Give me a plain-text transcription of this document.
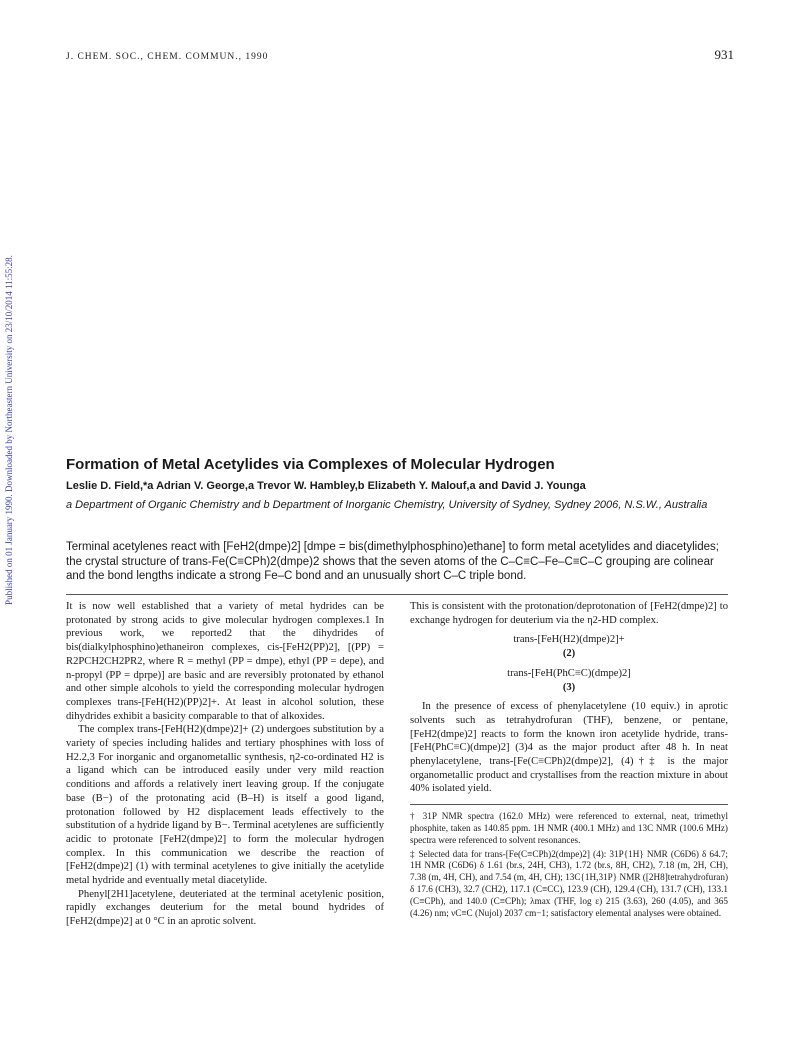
J. CHEM. SOC., CHEM. COMMUN., 1990	931
Published on 01 January 1990. Downloaded by Northeastern University on 23/10/2014 11:55:28.	Formation of Metal Acetylides via Complexes of Molecular Hydrogen
Leslie D. Field,*a Adrian V. George,a Trevor W. Hambley,b Elizabeth Y. Malouf,a and David J. Younga
a Department of Organic Chemistry and b Department of Inorganic Chemistry, University of Sydney, Sydney 2006, N.S.W., Australia
Terminal acetylenes react with [FeH2(dmpe)2] [dmpe = bis(dimethylphosphino)ethane] to form metal acetylides and diacetylides; the crystal structure of trans-Fe(C≡CPh)2(dmpe)2 shows that the seven atoms of the C–C≡C–Fe–C≡C–C grouping are colinear and the bond lengths indicate a strong Fe–C bond and an unusually short C–C triple bond.

It is now well established that a variety of metal hydrides can be protonated by strong acids to give molecular hydrogen complexes.1 In previous work, we reported2 that the dihydrides of bis(dialkylphosphino)ethaneiron complexes, cis-[FeH2(PP)2], [(PP) = R2PCH2CH2PR2, where R = methyl (PP = dmpe), ethyl (PP = depe), and n-propyl (PP = dprpe)] are basic and are reversibly protonated by ethanol and other simple alcohols to yield the corresponding molecular hydrogen complexes trans-[FeH(H2)(PP)2]+. At least in alcohol solution, these dihydrides exhibit a basicity comparable to that of alkoxides.

The complex trans-[FeH(H2)(dmpe)2]+ (2) undergoes substitution by a variety of species including halides and tertiary phosphines with loss of H2.2,3 For inorganic and organometallic synthesis, η2-co-ordinated H2 is a ligand which can be introduced easily under very mild reaction conditions and affords a relatively inert leaving group. If the conjugate base (B−) of the protonating acid (B–H) is itself a good ligand, protonation followed by H2 displacement leads effectively to the substitution of a hydride ligand by B−. Terminal acetylenes are sufficiently acidic to protonate [FeH2(dmpe)2] to form the molecular hydrogen complex. In this communication we describe the reaction of [FeH2(dmpe)2] (1) with terminal acetylenes to give initially the acetylide metal hydride and eventually metal diacetylide.

Phenyl[2H1]acetylene, deuteriated at the terminal acetylenic position, rapidly exchanges deuterium for the metal bound hydrides of [FeH2(dmpe)2] at 0 °C in an aprotic solvent.

This is consistent with the protonation/deprotonation of [FeH2(dmpe)2] to exchange hydrogen for deuterium via the η2-HD complex.

trans-[FeH(H2)(dmpe)2]+
(2)
trans-[FeH(PhC≡C)(dmpe)2]
(3)

In the presence of excess of phenylacetylene (10 equiv.) in aprotic solvents such as tetrahydrofuran (THF), benzene, or pentane, [FeH2(dmpe)2] reacts to form the known iron acetylide hydride, trans-[FeH(PhC≡C)(dmpe)2] (3)4 as the major product after 48 h. In neat phenylacetylene, trans-[Fe(C≡CPh)2(dmpe)2], (4)†‡ is the major organometallic product and crystallises from the reaction mixture in about 40% isolated yield.

† 31P NMR spectra (162.0 MHz) were referenced to external, neat, trimethyl phosphite, taken as 140.85 ppm. 1H NMR (400.1 MHz) and 13C NMR (100.6 MHz) spectra were referenced to solvent resonances.

‡ Selected data for trans-[Fe(C≡CPh)2(dmpe)2] (4): 31P{1H} NMR (C6D6) δ 64.7; 1H NMR (C6D6) δ 1.61 (br.s, 24H, CH3), 1.72 (br.s, 8H, CH2), 7.18 (m, 2H, CH), 7.38 (m, 4H, CH), and 7.54 (m, 4H, CH); 13C{1H,31P} NMR ([2H8]tetrahydrofuran) δ 17.6 (CH3), 32.7 (CH2), 117.1 (C≡CC), 123.9 (CH), 129.4 (CH), 131.7 (CH), 133.1 (C≡CPh), and 140.0 (C≡CPh); λmax (THF, log ε) 215 (3.63), 260 (4.05), and 365 (4.26) nm; νC≡C (Nujol) 2037 cm−1; satisfactory elemental analyses were obtained.
